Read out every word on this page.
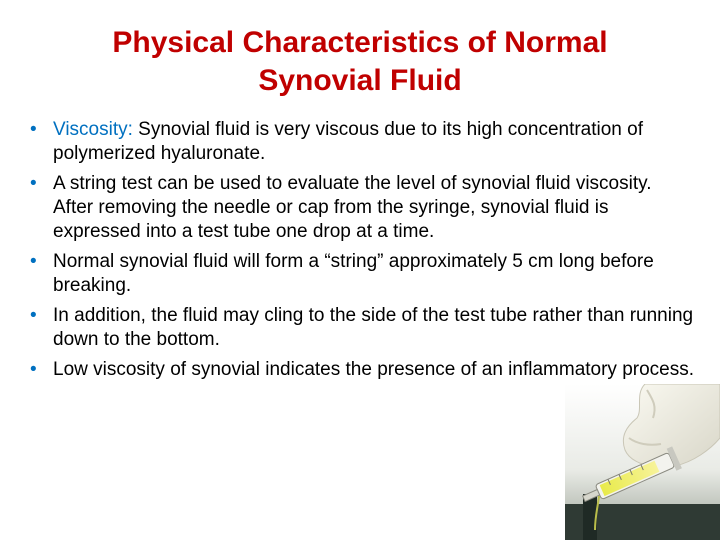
Physical Characteristics of Normal
Synovial Fluid
• Viscosity: Synovial fluid is very viscous due to its high concentration of polymerized hyaluronate.
• A string test can be used to evaluate the level of synovial fluid viscosity. After removing the needle or cap from the syringe, synovial fluid is expressed into a test tube one drop at a time.
• Normal synovial fluid will form a “string” approximately 5 cm long before breaking.
• In addition, the fluid may cling to the side of the test tube rather than running down to the bottom.
• Low viscosity of synovial indicates the presence of an inflammatory process.
